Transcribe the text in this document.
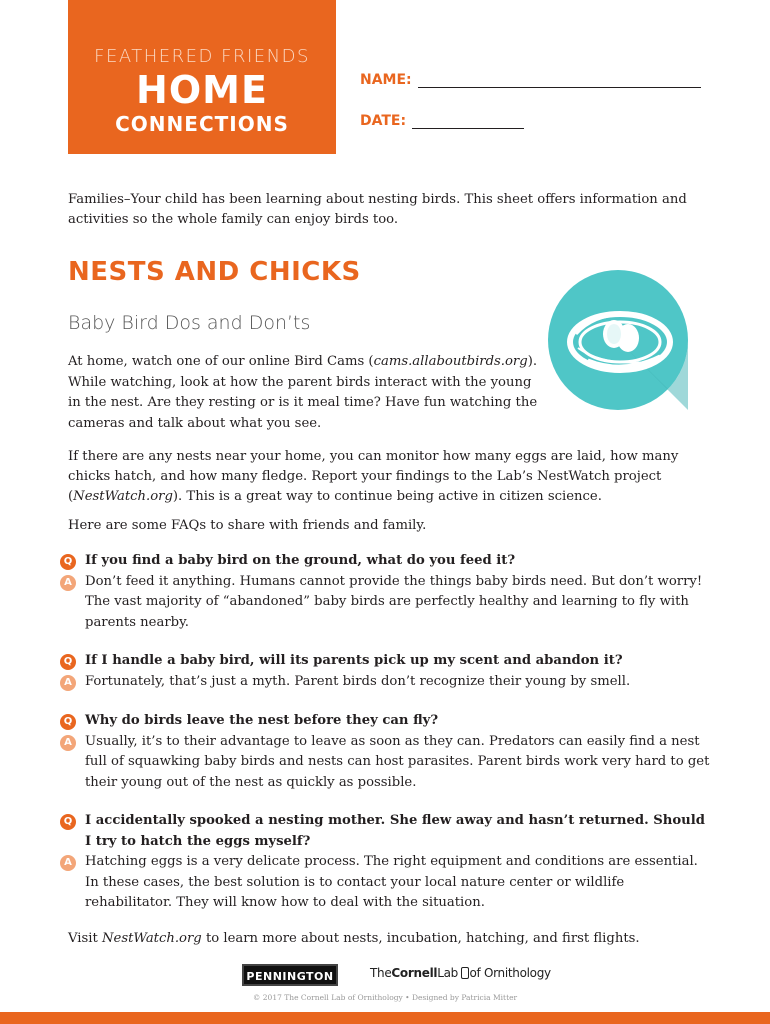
FEATHERED FRIENDS
HOME
CONNECTIONS
NAME:
DATE:

Families–Your child has been learning about nesting birds. This sheet offers information and activities so the whole family can enjoy birds too.

NESTS AND CHICKS
Baby Bird Dos and Don’ts

At home, watch one of our online Bird Cams (cams.allaboutbirds.org). While watching, look at how the parent birds interact with the young in the nest. Are they resting or is it meal time? Have fun watching the cameras and talk about what you see.

If there are any nests near your home, you can monitor how many eggs are laid, how many chicks hatch, and how many fledge. Report your findings to the Lab’s NestWatch project (NestWatch.org). This is a great way to continue being active in citizen science.

Here are some FAQs to share with friends and family.

Q If you find a baby bird on the ground, what do you feed it?
A Don’t feed it anything. Humans cannot provide the things baby birds need. But don’t worry! The vast majority of “abandoned” baby birds are perfectly healthy and learning to fly with parents nearby.
Q If I handle a baby bird, will its parents pick up my scent and abandon it?
A Fortunately, that’s just a myth. Parent birds don’t recognize their young by smell.
Q Why do birds leave the nest before they can fly?
A Usually, it’s to their advantage to leave as soon as they can. Predators can easily find a nest full of squawking baby birds and nests can host parasites. Parent birds work very hard to get their young out of the nest as quickly as possible.
Q I accidentally spooked a nesting mother. She flew away and hasn’t returned. Should I try to hatch the eggs myself?
A Hatching eggs is a very delicate process. The right equipment and conditions are essential. In these cases, the best solution is to contact your local nature center or wildlife rehabilitator. They will know how to deal with the situation.

Visit NestWatch.org to learn more about nests, incubation, hatching, and first flights.

PENNINGTON	TheCornellLab of Ornithology
© 2017 The Cornell Lab of Ornithology • Designed by Patricia Mitter
